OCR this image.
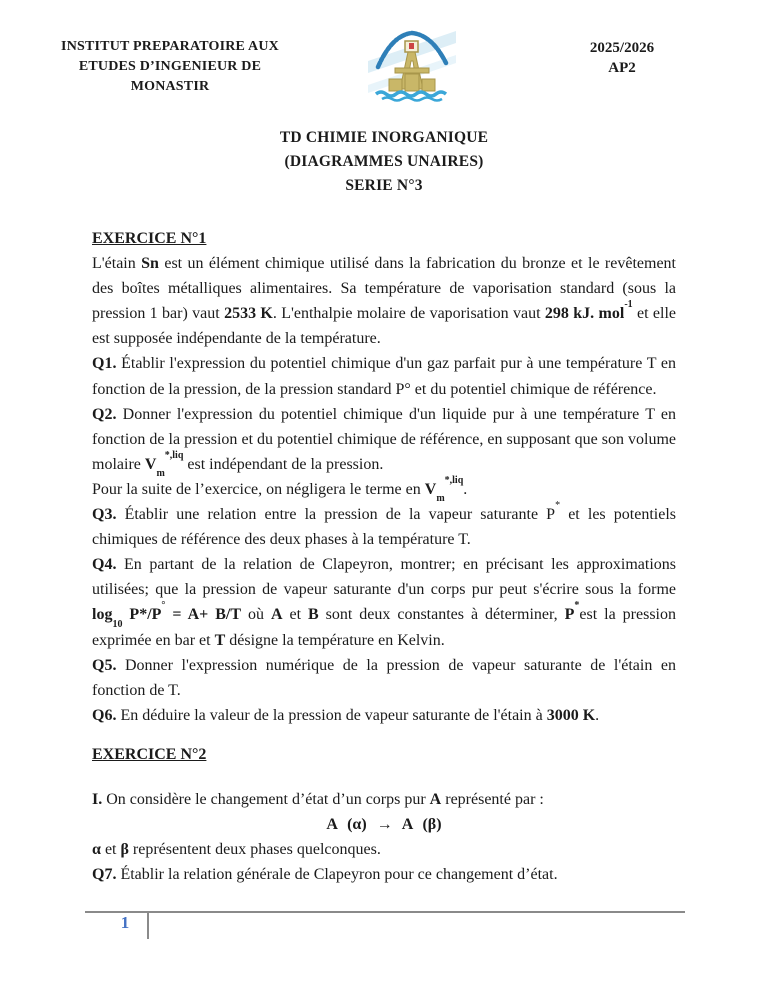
INSTITUT PREPARATOIRE AUX
ETUDES D’INGENIEUR DE
MONASTIR
2025/2026
AP2
TD CHIMIE INORGANIQUE
(DIAGRAMMES UNAIRES)
SERIE N°3

EXERCICE N°1

L'étain Sn est un élément chimique utilisé dans la fabrication du bronze et le revêtement des boîtes métalliques alimentaires. Sa température de vaporisation standard (sous la pression 1 bar) vaut 2533 K. L'enthalpie molaire de vaporisation vaut 298 kJ. mol$^{-1}$ et elle est supposée indépendante de la température.

Q1. Établir l'expression du potentiel chimique d'un gaz parfait pur à une température T en fonction de la pression, de la pression standard P° et du potentiel chimique de référence.

Q2. Donner l'expression du potentiel chimique d'un liquide pur à une température T en fonction de la pression et du potentiel chimique de référence, en supposant que son volume molaire $V_m^{*,liq}$ est indépendant de la pression.

Pour la suite de l’exercice, on négligera le terme en $V_m^{*,liq}$.

Q3. Établir une relation entre la pression de la vapeur saturante P* et les potentiels chimiques de référence des deux phases à la température T.

Q4. En partant de la relation de Clapeyron, montrer; en précisant les approximations utilisées; que la pression de vapeur saturante d'un corps pur peut s'écrire sous la forme $\log_{10} P*/P^\circ = A+ B/T$ où A et B sont deux constantes à déterminer, P*est la pression exprimée en bar et T désigne la température en Kelvin.

Q5. Donner l'expression numérique de la pression de vapeur saturante de l'étain en fonction de T.

Q6. En déduire la valeur de la pression de vapeur saturante de l'étain à 3000 K.

EXERCICE N°2

I. On considère le changement d’état d’un corps pur A représenté par :

A (α) → A (β)

α et β représentent deux phases quelconques.

Q7. Établir la relation générale de Clapeyron pour ce changement d’état.

1
